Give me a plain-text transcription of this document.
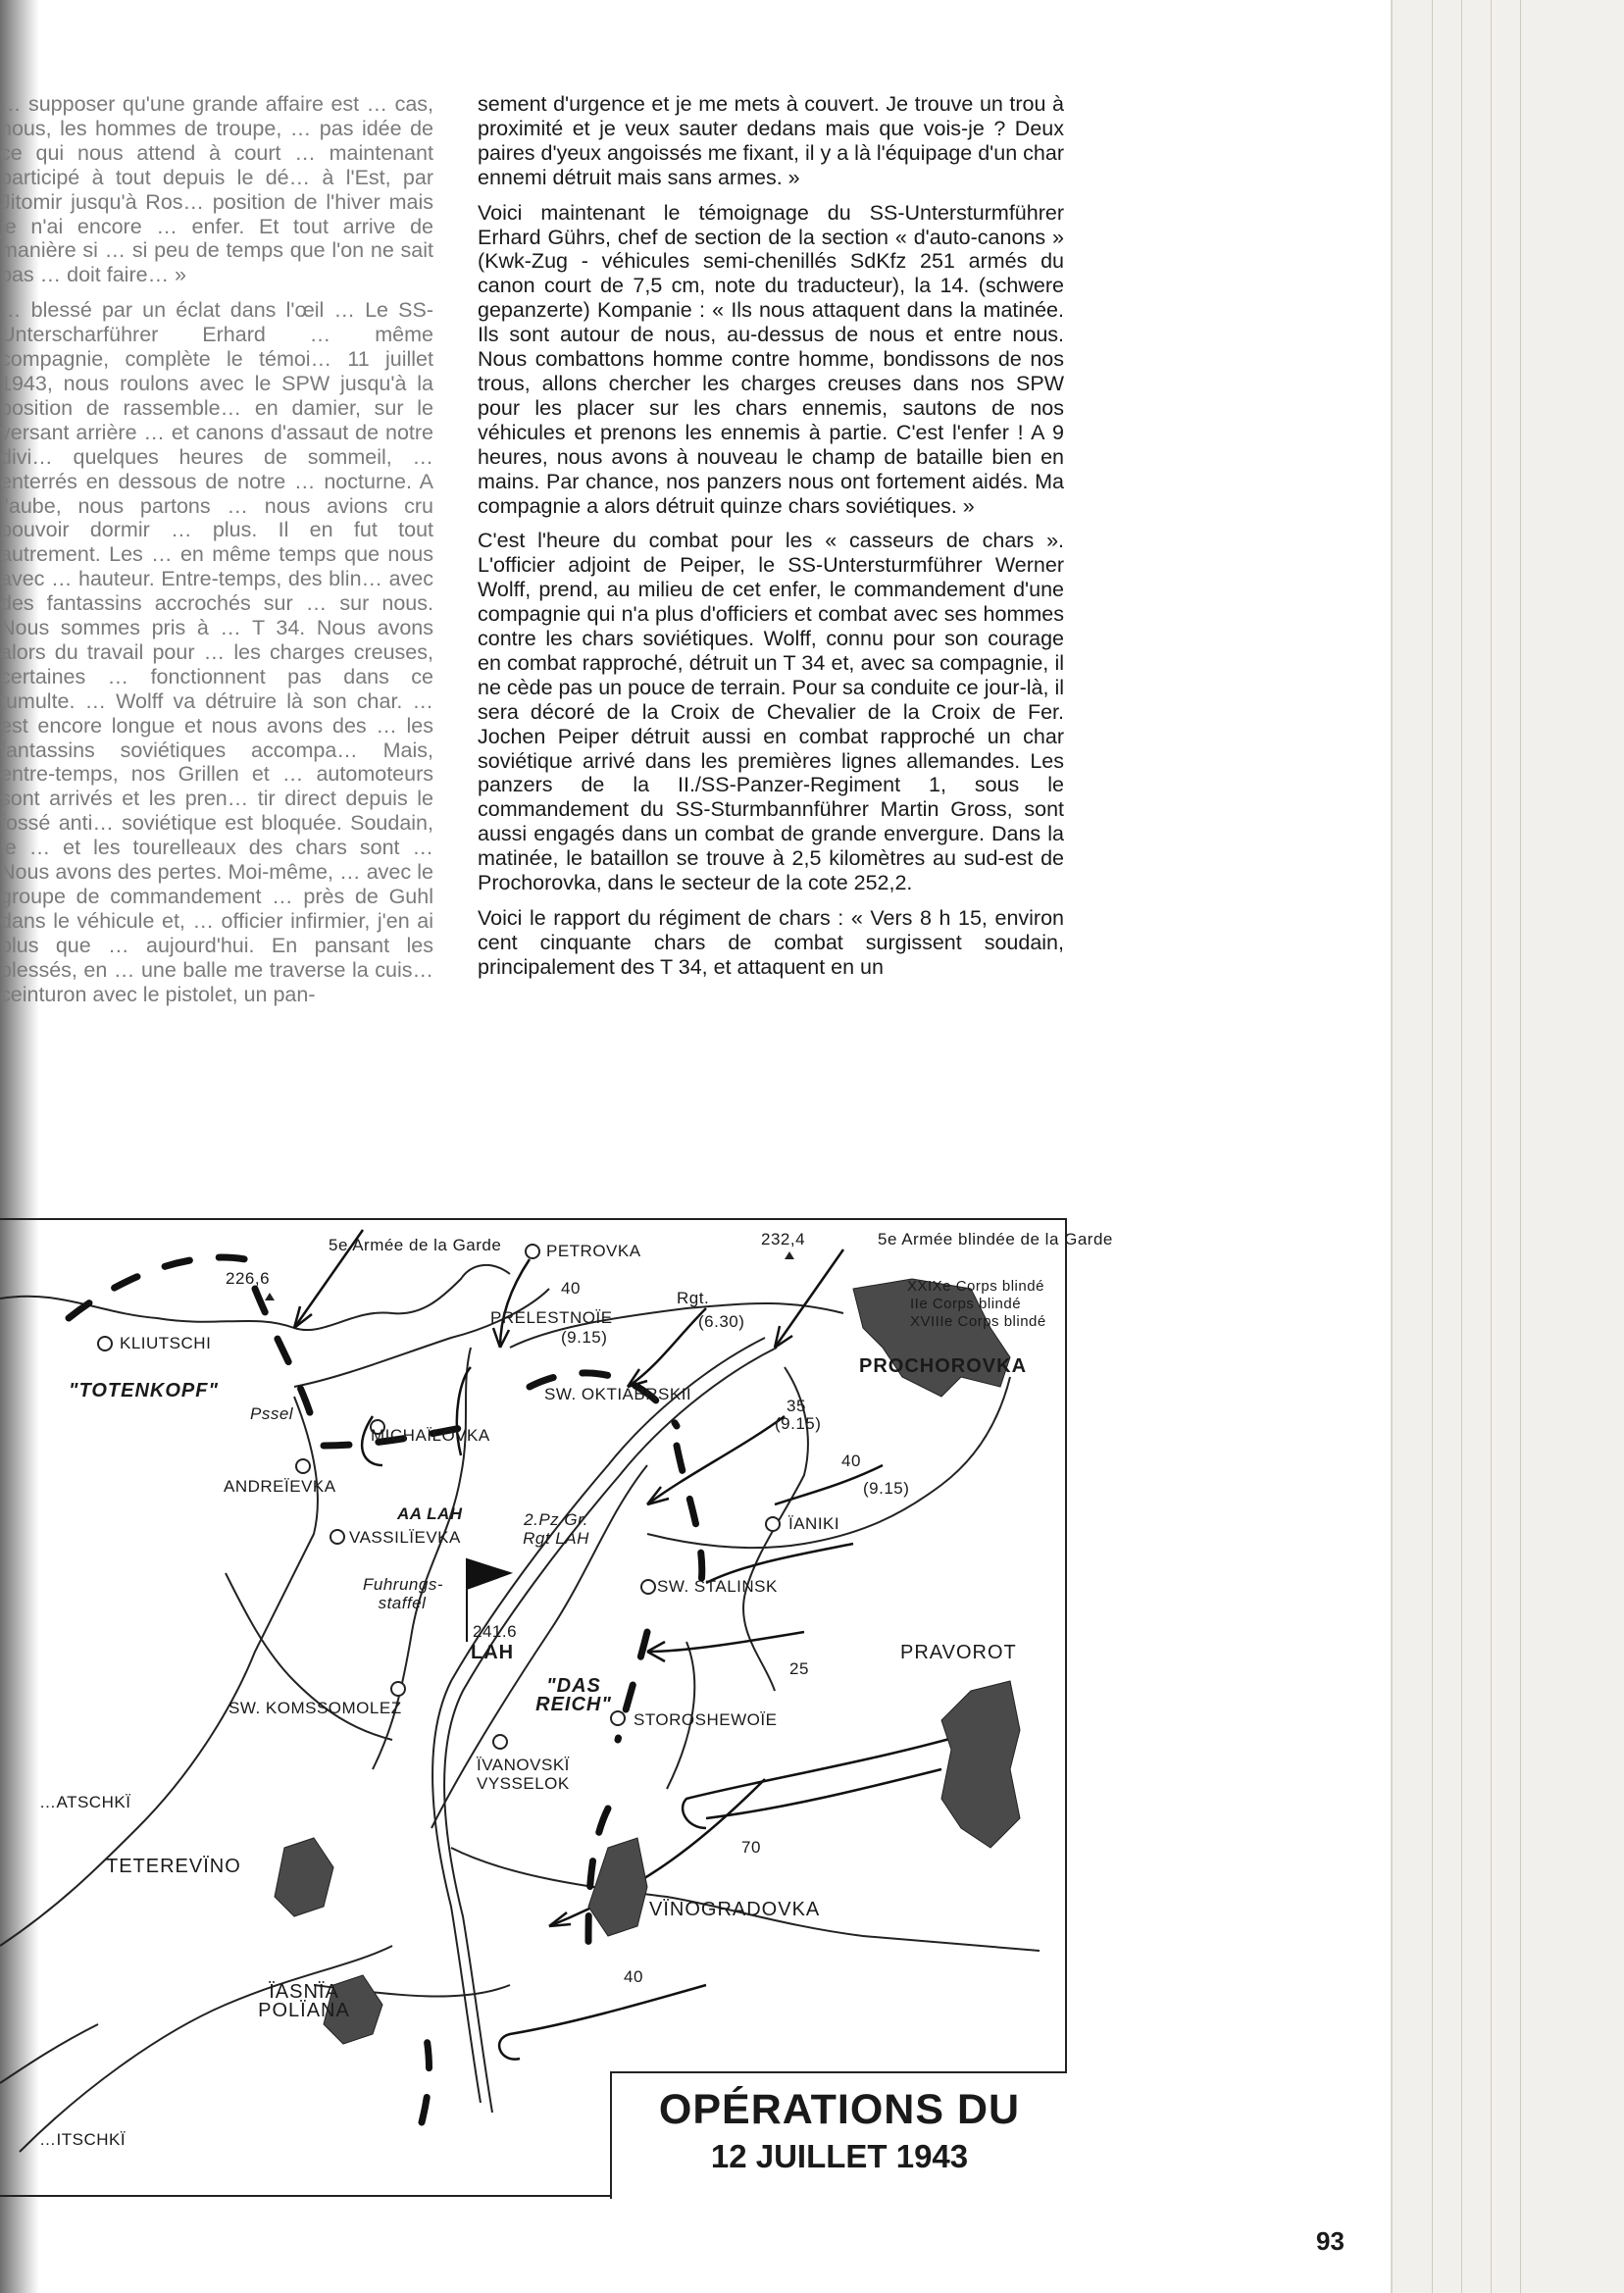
… supposer qu'une grande affaire est … cas, nous, les hommes de troupe, … pas idée de ce qui nous attend à court … maintenant participé à tout depuis le dé… à l'Est, par Jitomir jusqu'à Ros… position de l'hiver mais je n'ai encore … enfer. Et tout arrive de manière si … si peu de temps que l'on ne sait pas … doit faire… »

… blessé par un éclat dans l'œil … Le SS-Unterscharführer Erhard … même compagnie, complète le témoi… 11 juillet 1943, nous roulons avec le SPW jusqu'à la position de rassemble… en damier, sur le versant arrière … et canons d'assaut de notre divi… quelques heures de sommeil, … enterrés en dessous de notre … nocturne. A l'aube, nous partons … nous avions cru pouvoir dormir … plus. Il en fut tout autrement. Les … en même temps que nous avec … hauteur. Entre-temps, des blin… avec des fantassins accrochés sur … sur nous. Nous sommes pris à … T 34. Nous avons alors du travail pour … les charges creuses, certaines … fonctionnent pas dans ce tumulte. … Wolff va détruire là son char. … est encore longue et nous avons des … les fantassins soviétiques accompa… Mais, entre-temps, nos Grillen et … automoteurs sont arrivés et les pren… tir direct depuis le fossé anti… soviétique est bloquée. Soudain, le … et les tourelleaux des chars sont … Nous avons des pertes. Moi-même, … avec le groupe de commandement … près de Guhl dans le véhicule et, … officier infirmier, j'en ai plus que … aujourd'hui. En pansant les blessés, en … une balle me traverse la cuis… ceinturon avec le pistolet, un pan-

sement d'urgence et je me mets à couvert. Je trouve un trou à proximité et je veux sauter dedans mais que vois-je ? Deux paires d'yeux angoissés me fixant, il y a là l'équipage d'un char ennemi détruit mais sans armes. »

Voici maintenant le témoignage du SS-Untersturmführer Erhard Gührs, chef de section de la section « d'auto-canons » (Kwk-Zug - véhicules semi-chenillés SdKfz 251 armés du canon court de 7,5 cm, note du traducteur), la 14. (schwere gepanzerte) Kompanie : « Ils nous attaquent dans la matinée. Ils sont autour de nous, au-dessus de nous et entre nous. Nous combattons homme contre homme, bondissons de nos trous, allons chercher les charges creuses dans nos SPW pour les placer sur les chars ennemis, sautons de nos véhicules et prenons les ennemis à partie. C'est l'enfer ! A 9 heures, nous avons à nouveau le champ de bataille bien en mains. Par chance, nos panzers nous ont fortement aidés. Ma compagnie a alors détruit quinze chars soviétiques. »

C'est l'heure du combat pour les « casseurs de chars ». L'officier adjoint de Peiper, le SS-Untersturmführer Werner Wolff, prend, au milieu de cet enfer, le commandement d'une compagnie qui n'a plus d'officiers et combat avec ses hommes contre les chars soviétiques. Wolff, connu pour son courage en combat rapproché, détruit un T 34 et, avec sa compagnie, il ne cède pas un pouce de terrain. Pour sa conduite ce jour-là, il sera décoré de la Croix de Chevalier de la Croix de Fer. Jochen Peiper détruit aussi en combat rapproché un char soviétique arrivé dans les premières lignes allemandes. Les panzers de la II./SS-Panzer-Regiment 1, sous le commandement du SS-Sturmbannführer Martin Gross, sont aussi engagés dans un combat de grande envergure. Dans la matinée, le bataillon se trouve à 2,5 kilomètres au sud-est de Prochorovka, dans le secteur de la cote 252,2.

Voici le rapport du régiment de chars : « Vers 8 h 15, environ cent cinquante chars de combat surgissent soudain, principalement des T 34, et attaquent en un

5e Armée de la Garde	5e Armée blindée de la Garde
XXIXe Corps blindé
IIe Corps blindé
XVIIIe Corps blindé
PETROVKA
232,4
226,6
KLIUTSCHI
"TOTENKOPF"
Pssel
PRELESTNOÏE
40
(9.15)
Rgt.
(6.30)
PROCHOROVKA
SW. OKTIABRSKII
MICHAÏLOVKA
35
(9.15)
ANDREÏEVKA
AA LAH	2.Pz Gr. Rgt LAH
40
(9.15)
VASSILÏEVKA
ÏANIKI
Fuhrungs-staffel
SW. STALINSK
241.6
LAH	PRAVOROT
25
SW. KOMSSOMOLEZ
"DAS REICH"
STOROSHEWOÏE
ÏVANOVSKÏ VYSSELOK
…ATSCHKÏ
TETEREVÏNO
70
VÏNOGRADOVKA
40
ÏASNÏA POLÏANA
…ITSCHKÏ
OPÉRATIONS DU
12 JUILLET 1943
93
